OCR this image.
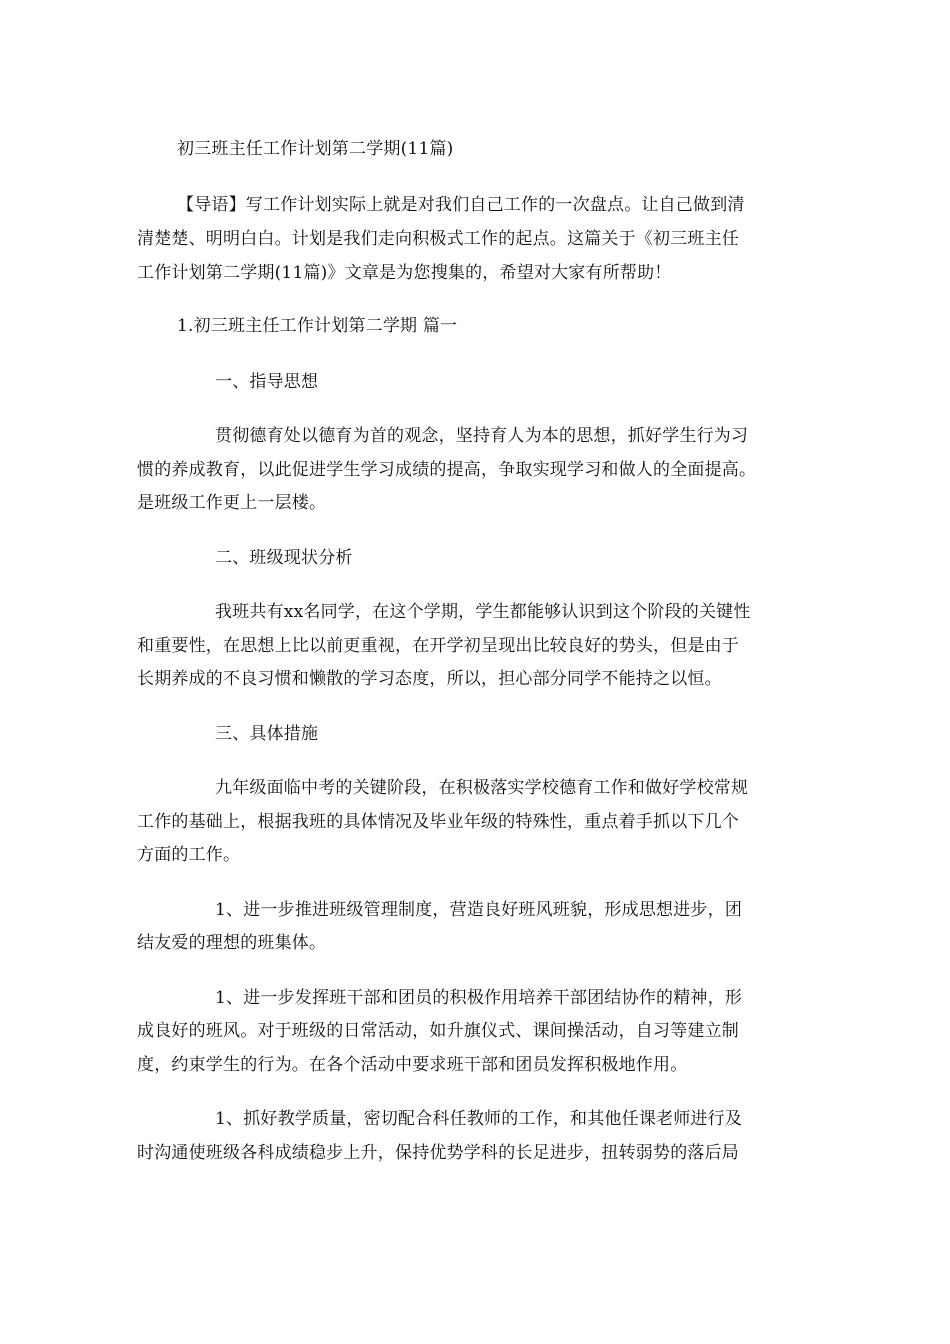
初三班主任工作计划第二学期(11篇)
【导语】写工作计划实际上就是对我们自己工作的一次盘点。让自己做到清
清楚楚、明明白白。计划是我们走向积极式工作的起点。这篇关于《初三班主任
工作计划第二学期(11篇)》文章是为您搜集的，希望对大家有所帮助！
1.初三班主任工作计划第二学期 篇一
一、指导思想
贯彻德育处以德育为首的观念，坚持育人为本的思想，抓好学生行为习
惯的养成教育，以此促进学生学习成绩的提高，争取实现学习和做人的全面提高。
是班级工作更上一层楼。
二、班级现状分析
我班共有xx名同学，在这个学期，学生都能够认识到这个阶段的关键性
和重要性，在思想上比以前更重视，在开学初呈现出比较良好的势头，但是由于
长期养成的不良习惯和懒散的学习态度，所以，担心部分同学不能持之以恒。
三、具体措施
九年级面临中考的关键阶段，在积极落实学校德育工作和做好学校常规
工作的基础上，根据我班的具体情况及毕业年级的特殊性，重点着手抓以下几个
方面的工作。
1、进一步推进班级管理制度，营造良好班风班貌，形成思想进步，团
结友爱的理想的班集体。
1、进一步发挥班干部和团员的积极作用培养干部团结协作的精神，形
成良好的班风。对于班级的日常活动，如升旗仪式、课间操活动，自习等建立制
度，约束学生的行为。在各个活动中要求班干部和团员发挥积极地作用。
1、抓好教学质量，密切配合科任教师的工作，和其他任课老师进行及
时沟通使班级各科成绩稳步上升，保持优势学科的长足进步，扭转弱势的落后局
